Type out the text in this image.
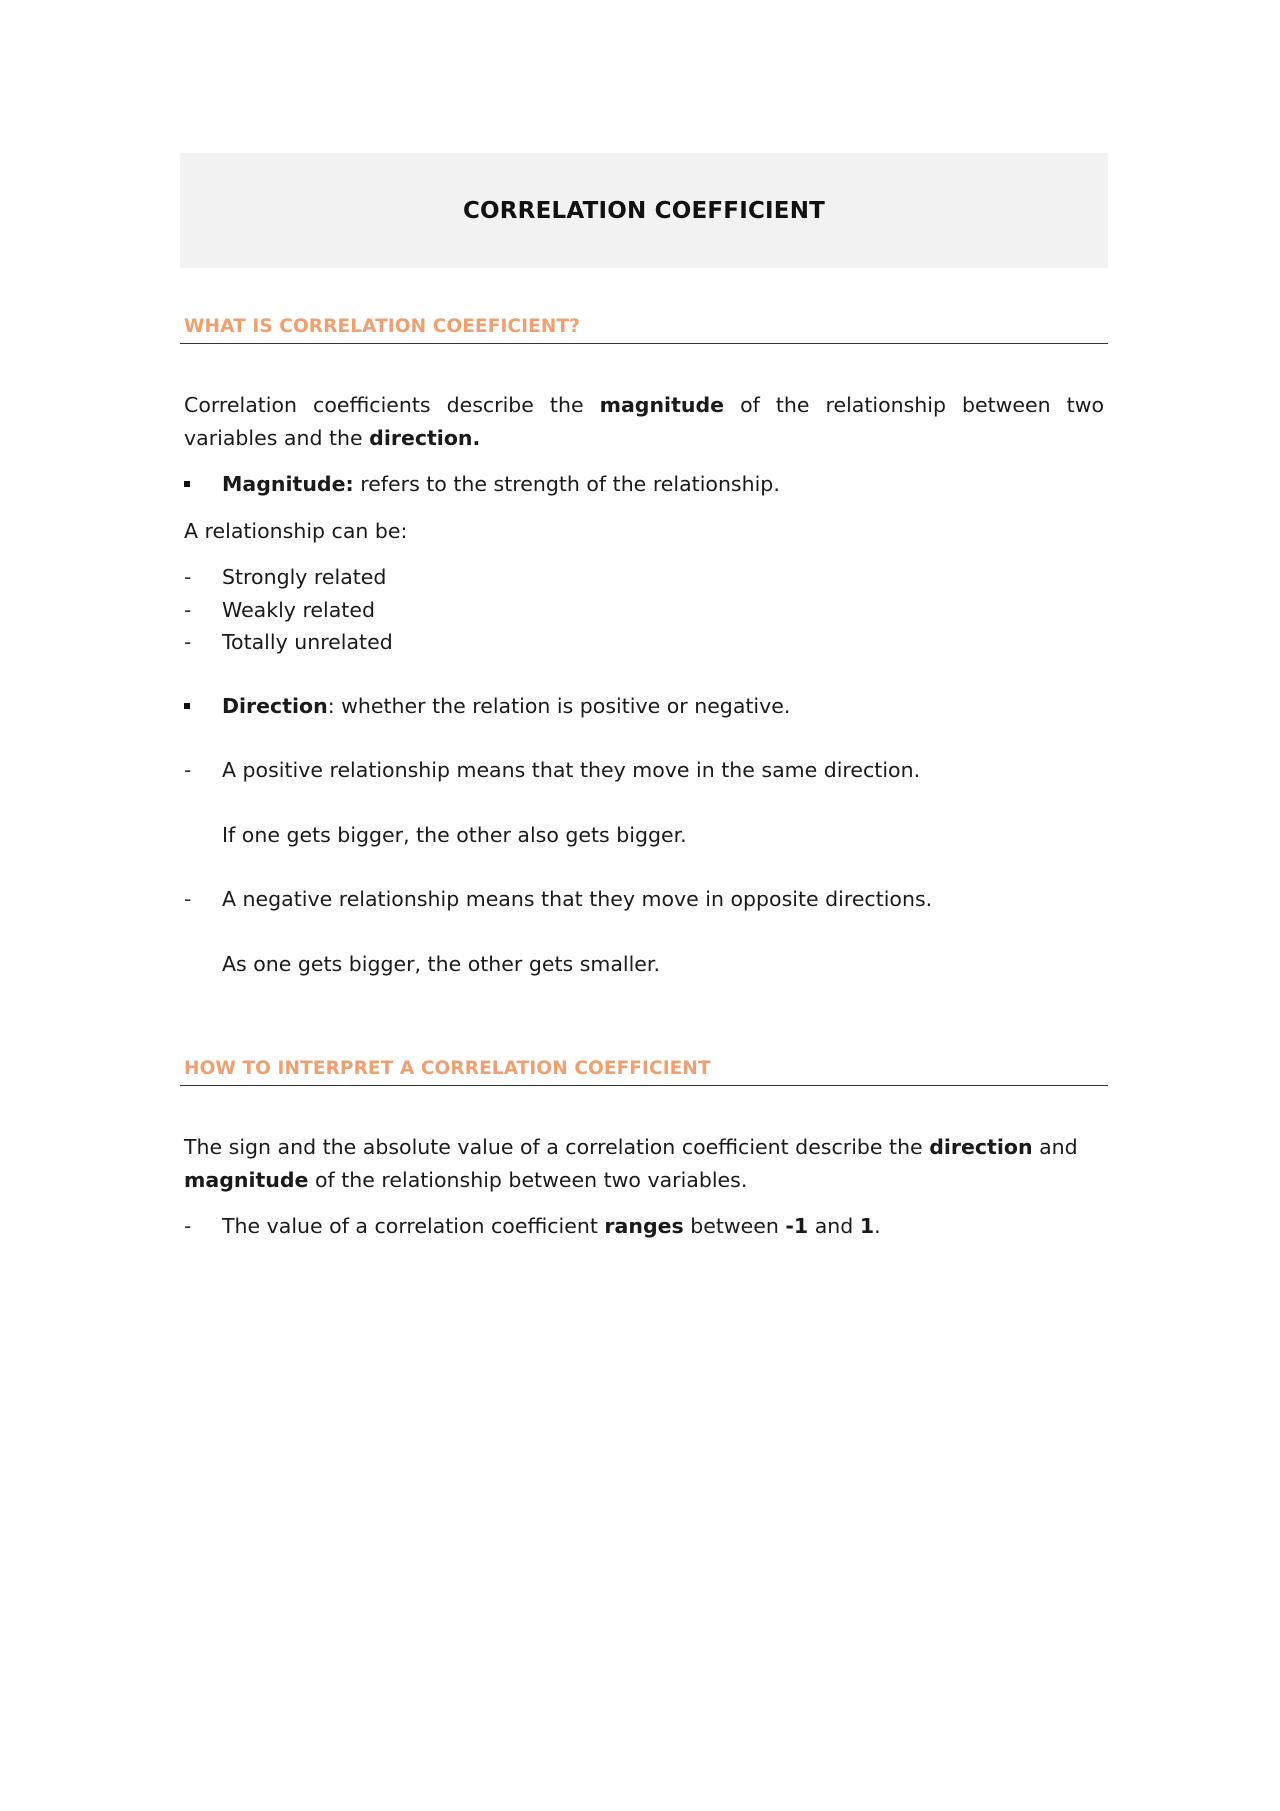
CORRELATION COEFFICIENT
WHAT IS CORRELATION COEEFICIENT?

Correlation coefficients describe the magnitude of the relationship between two variables and the direction.

Magnitude: refers to the strength of the relationship.

A relationship can be:

- Strongly related
- Weakly related
- Totally unrelated

Direction: whether the relation is positive or negative.

- A positive relationship means that they move in the same direction.

If one gets bigger, the other also gets bigger.

- A negative relationship means that they move in opposite directions.

As one gets bigger, the other gets smaller.

HOW TO INTERPRET A CORRELATION COEFFICIENT

The sign and the absolute value of a correlation coefficient describe the direction and magnitude of the relationship between two variables.

- The value of a correlation coefficient ranges between -1 and 1.
